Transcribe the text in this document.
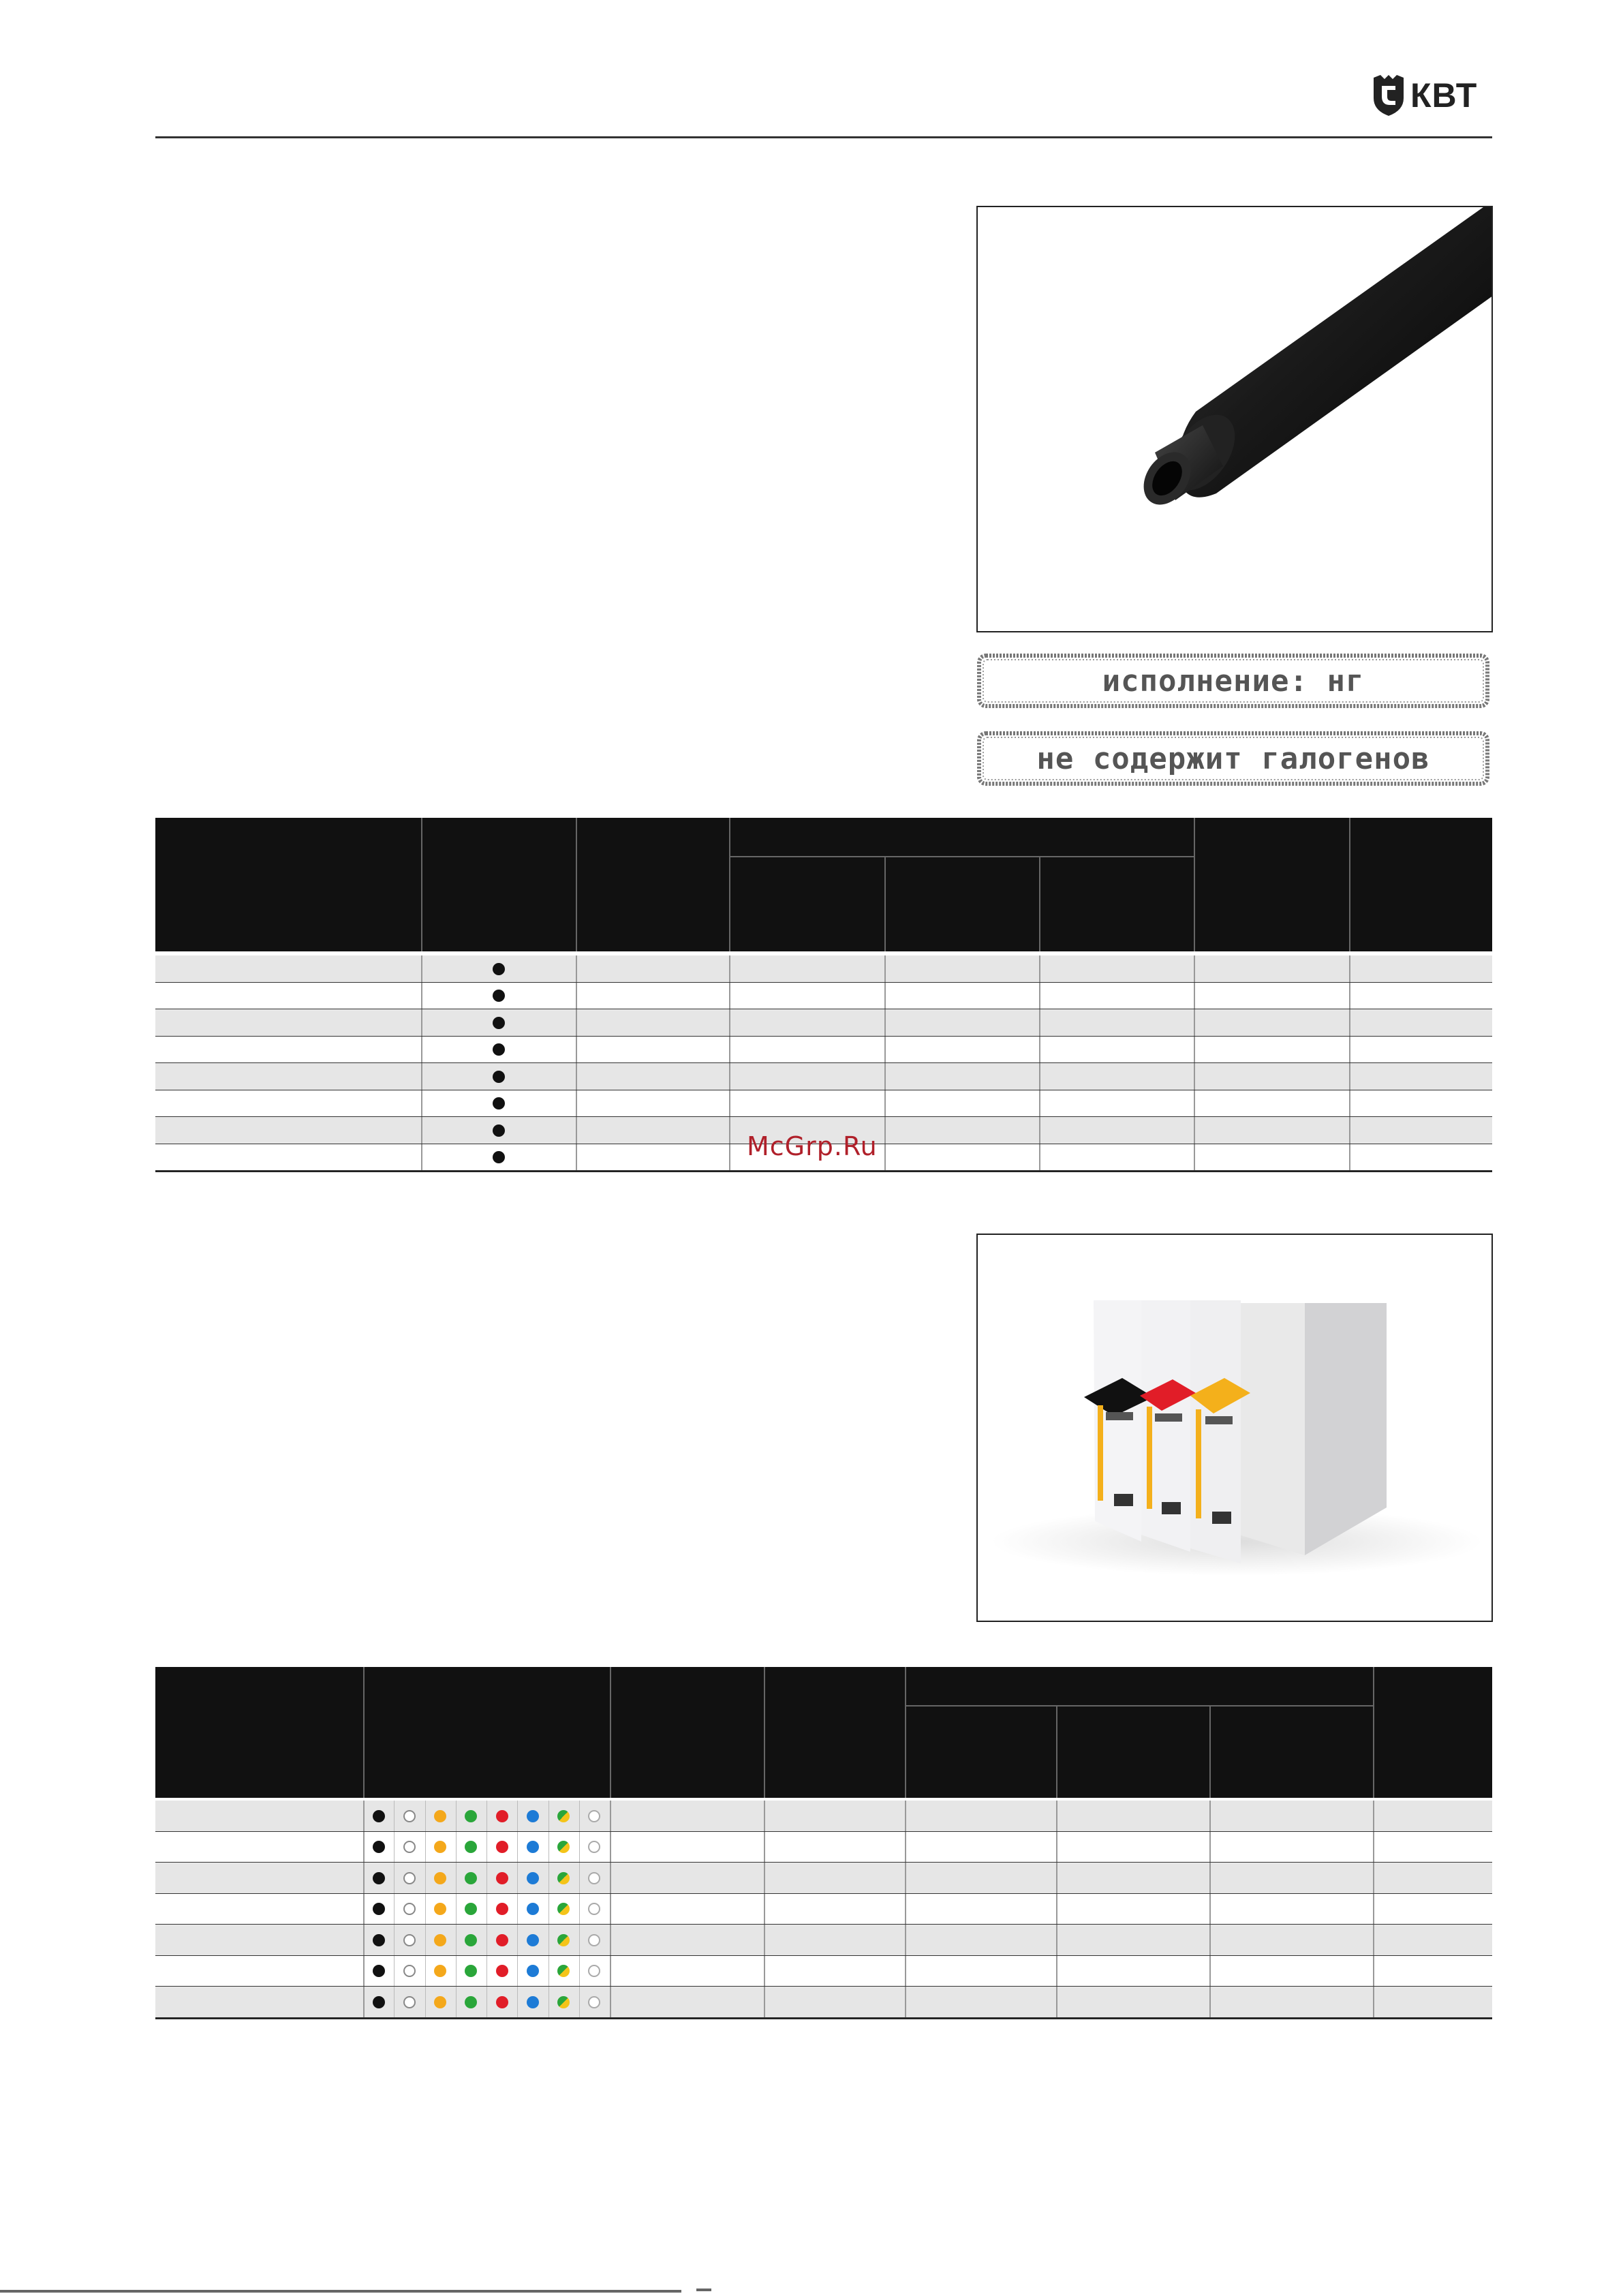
КВТ
исполнение: нг
не содержит галогенов
McGrp.Ru
